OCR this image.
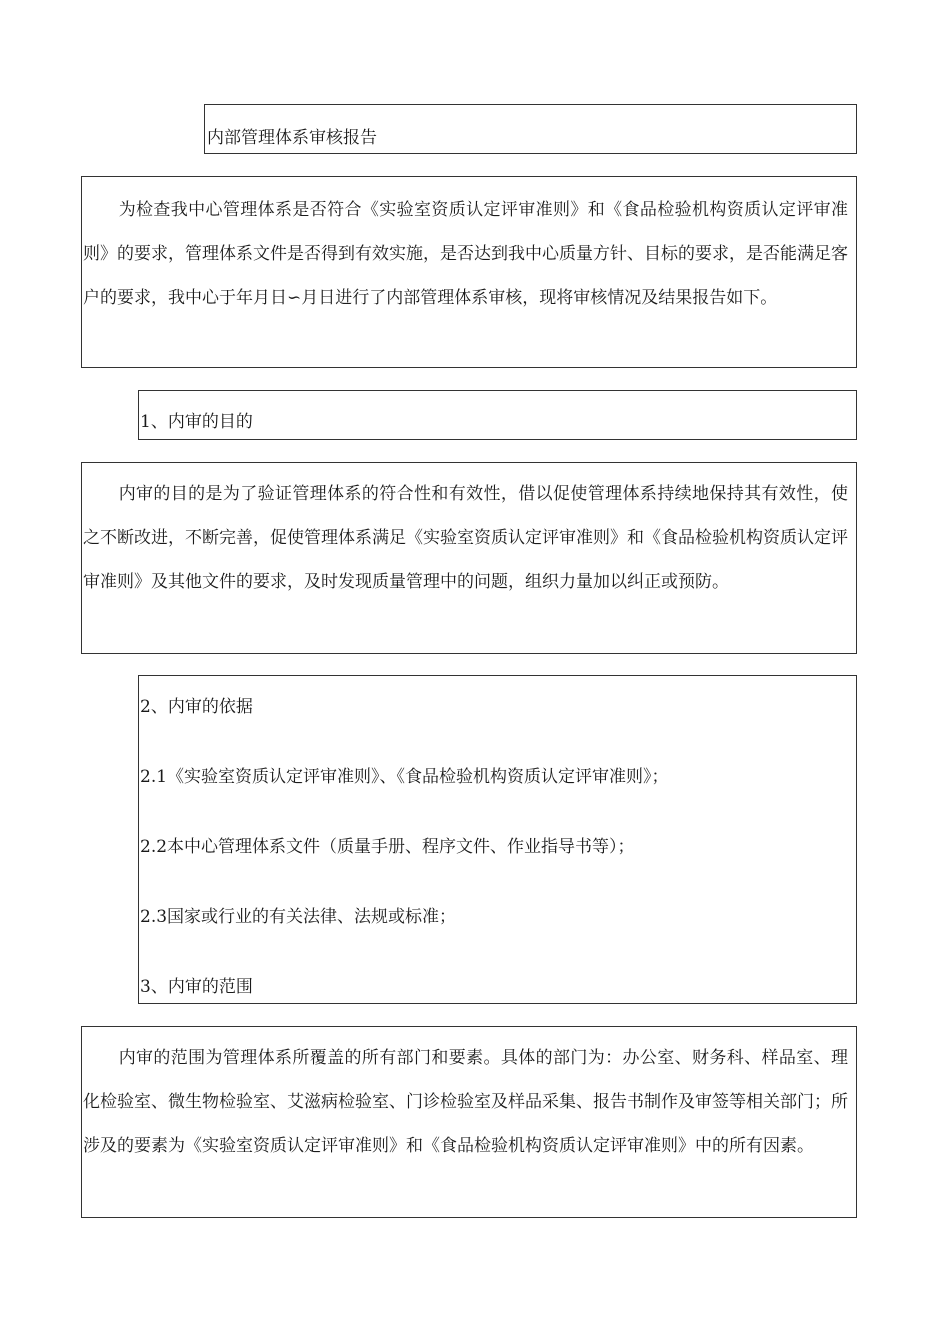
内部管理体系审核报告
为检查我中心管理体系是否符合《实验室资质认定评审准则》和《食品检验机构资质认定评审准则》的要求，管理体系文件是否得到有效实施，是否达到我中心质量方针、目标的要求，是否能满足客户的要求，我中心于年月日∽月日进行了内部管理体系审核，现将审核情况及结果报告如下。
1、内审的目的
内审的目的是为了验证管理体系的符合性和有效性，借以促使管理体系持续地保持其有效性，使之不断改进，不断完善，促使管理体系满足《实验室资质认定评审准则》和《食品检验机构资质认定评审准则》及其他文件的要求，及时发现质量管理中的问题，组织力量加以纠正或预防。
2、内审的依据
2.1《实验室资质认定评审准则》、《食品检验机构资质认定评审准则》；
2.2本中心管理体系文件（质量手册、程序文件、作业指导书等）；
2.3国家或行业的有关法律、法规或标准；
3、内审的范围
内审的范围为管理体系所覆盖的所有部门和要素。具体的部门为：办公室、财务科、样品室、理化检验室、微生物检验室、艾滋病检验室、门诊检验室及样品采集、报告书制作及审签等相关部门；所涉及的要素为《实验室资质认定评审准则》和《食品检验机构资质认定评审准则》中的所有因素。
